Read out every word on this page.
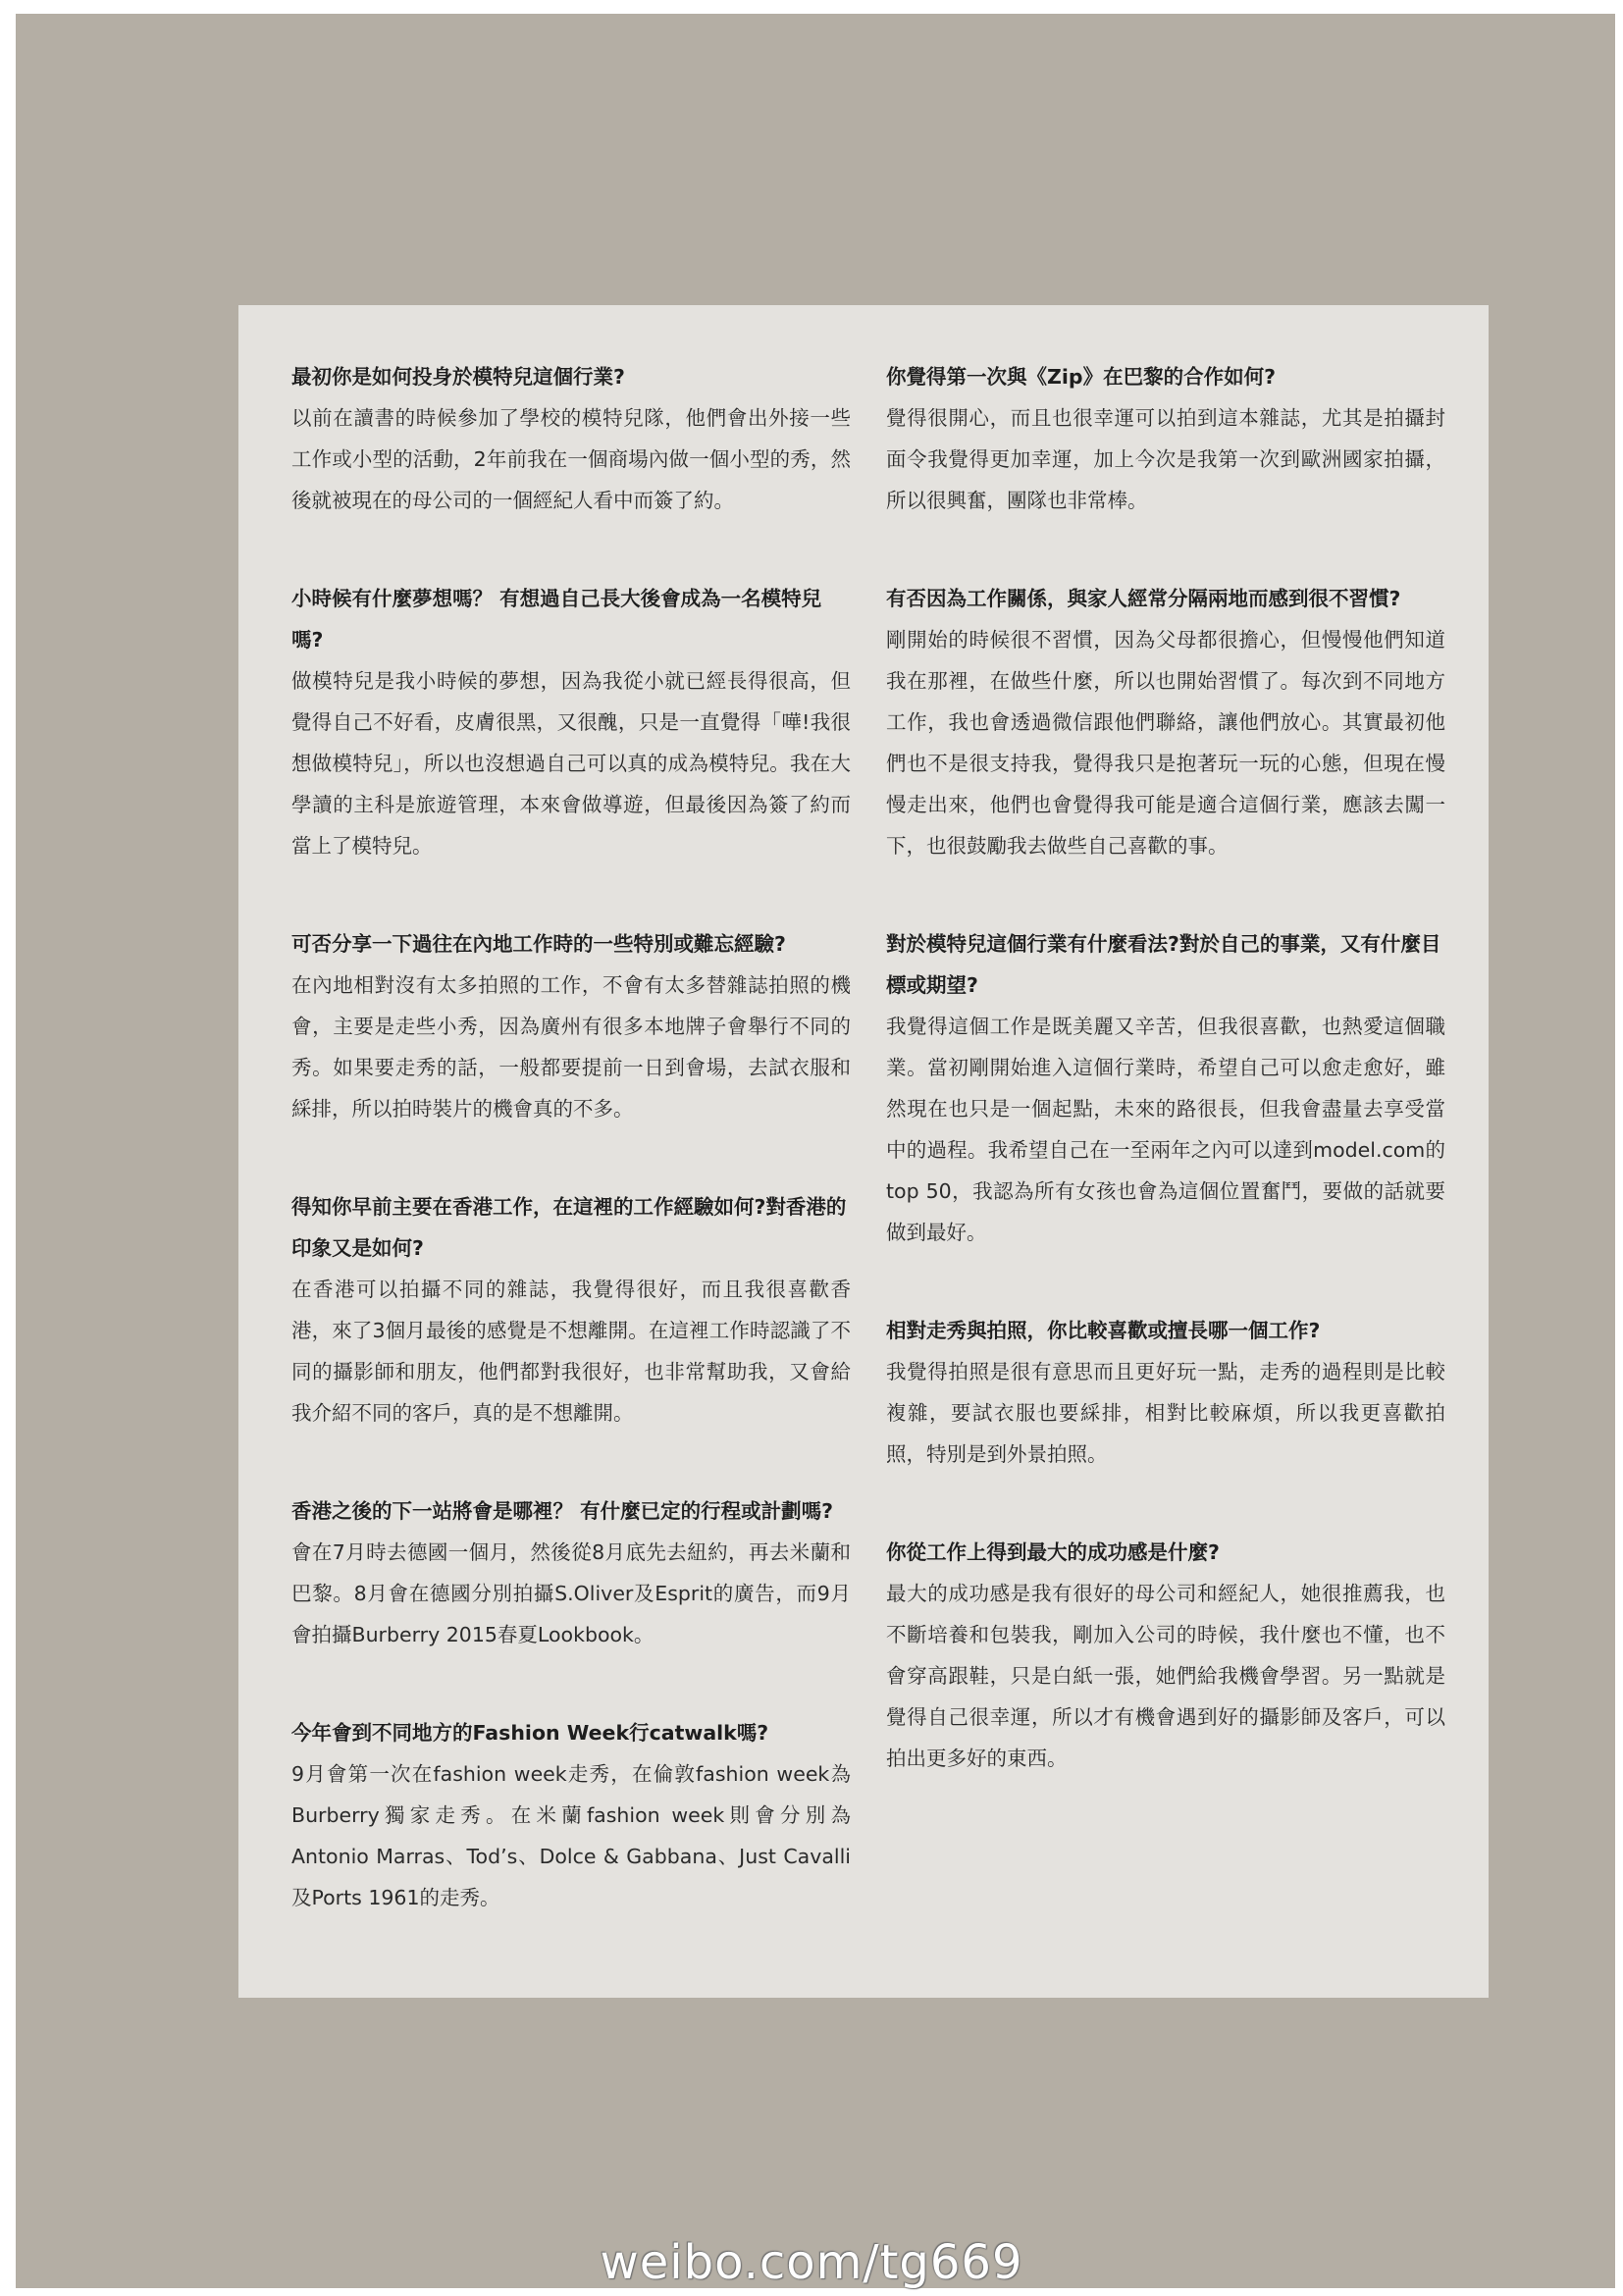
最初你是如何投身於模特兒這個行業?

以前在讀書的時候參加了學校的模特兒隊，他們會出外接一些工作或小型的活動，2年前我在一個商場內做一個小型的秀，然後就被現在的母公司的一個經紀人看中而簽了約。

小時候有什麼夢想嗎？ 有想過自己長大後會成為一名模特兒嗎?

做模特兒是我小時候的夢想，因為我從小就已經長得很高，但覺得自己不好看，皮膚很黑，又很醜，只是一直覺得「嘩!我很想做模特兒」，所以也沒想過自己可以真的成為模特兒。我在大學讀的主科是旅遊管理，本來會做導遊，但最後因為簽了約而當上了模特兒。

可否分享一下過往在內地工作時的一些特別或難忘經驗?

在內地相對沒有太多拍照的工作，不會有太多替雜誌拍照的機會，主要是走些小秀，因為廣州有很多本地牌子會舉行不同的秀。如果要走秀的話，一般都要提前一日到會場，去試衣服和綵排，所以拍時裝片的機會真的不多。

得知你早前主要在香港工作，在這裡的工作經驗如何?對香港的印象又是如何?

在香港可以拍攝不同的雜誌，我覺得很好，而且我很喜歡香港，來了3個月最後的感覺是不想離開。在這裡工作時認識了不同的攝影師和朋友，他們都對我很好，也非常幫助我，又會給我介紹不同的客戶，真的是不想離開。

香港之後的下一站將會是哪裡？ 有什麼已定的行程或計劃嗎?

會在7月時去德國一個月，然後從8月底先去紐約，再去米蘭和巴黎。8月會在德國分別拍攝S.Oliver及Esprit的廣告，而9月會拍攝Burberry 2015春夏Lookbook。

今年會到不同地方的Fashion Week行catwalk嗎?

9月會第一次在fashion week走秀，在倫敦fashion week為Burberry獨家走秀。在米蘭fashion week則會分別為Antonio Marras、Tod’s、Dolce & Gabbana、Just Cavalli及Ports 1961的走秀。

你覺得第一次與《Zip》在巴黎的合作如何?

覺得很開心，而且也很幸運可以拍到這本雜誌，尤其是拍攝封面令我覺得更加幸運，加上今次是我第一次到歐洲國家拍攝，所以很興奮，團隊也非常棒。

有否因為工作關係，與家人經常分隔兩地而感到很不習慣?

剛開始的時候很不習慣，因為父母都很擔心，但慢慢他們知道我在那裡，在做些什麼，所以也開始習慣了。每次到不同地方工作，我也會透過微信跟他們聯絡，讓他們放心。其實最初他們也不是很支持我，覺得我只是抱著玩一玩的心態，但現在慢慢走出來，他們也會覺得我可能是適合這個行業，應該去闖一下，也很鼓勵我去做些自己喜歡的事。

對於模特兒這個行業有什麼看法?對於自己的事業，又有什麼目標或期望?

我覺得這個工作是既美麗又辛苦，但我很喜歡，也熱愛這個職業。當初剛開始進入這個行業時，希望自己可以愈走愈好，雖然現在也只是一個起點，未來的路很長，但我會盡量去享受當中的過程。我希望自己在一至兩年之內可以達到model.com的 top 50，我認為所有女孩也會為這個位置奮鬥，要做的話就要做到最好。

相對走秀與拍照，你比較喜歡或擅長哪一個工作?

我覺得拍照是很有意思而且更好玩一點，走秀的過程則是比較複雜，要試衣服也要綵排，相對比較麻煩，所以我更喜歡拍照，特別是到外景拍照。

你從工作上得到最大的成功感是什麼?

最大的成功感是我有很好的母公司和經紀人，她很推薦我，也不斷培養和包裝我，剛加入公司的時候，我什麼也不懂，也不會穿高跟鞋，只是白紙一張，她們給我機會學習。另一點就是覺得自己很幸運，所以才有機會遇到好的攝影師及客戶，可以拍出更多好的東西。

weibo.com/tg669
